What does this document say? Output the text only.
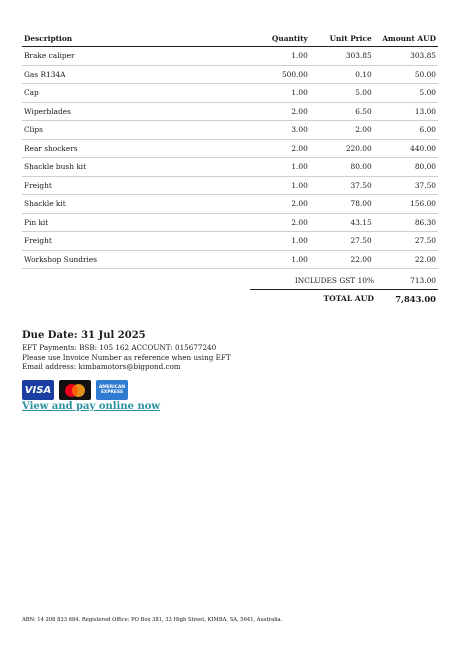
Description	Quantity	Unit Price	Amount AUD
Brake caliper	1.00	303.85	303.85
Gas R134A	500.00	0.10	50.00
Cap	1.00	5.00	5.00
Wiperblades	2.00	6.50	13.00
Clips	3.00	2.00	6.00
Rear shockers	2.00	220.00	440.00
Shackle bush kit	1.00	80.00	80.00
Freight	1.00	37.50	37.50
Shackle kit	2.00	78.00	156.00
Pin kit	2.00	43.15	86.30
Freight	1.00	27.50	27.50
Workshop Sundries	1.00	22.00	22.00
INCLUDES GST 10%	713.00
TOTAL AUD	7,843.00
Due Date: 31 Jul 2025
EFT Payments: BSB: 105 162 ACCOUNT: 015677240
Please use Invoice Number as reference when using EFT
Email address: kimbamotors@bigpond.com
VISA	AMERICAN
EXPRESS
View and pay online now
ABN: 14 208 833 684. Registered Office: PO Box 381, 33 High Street, KIMBA, SA, 5641, Australia.
